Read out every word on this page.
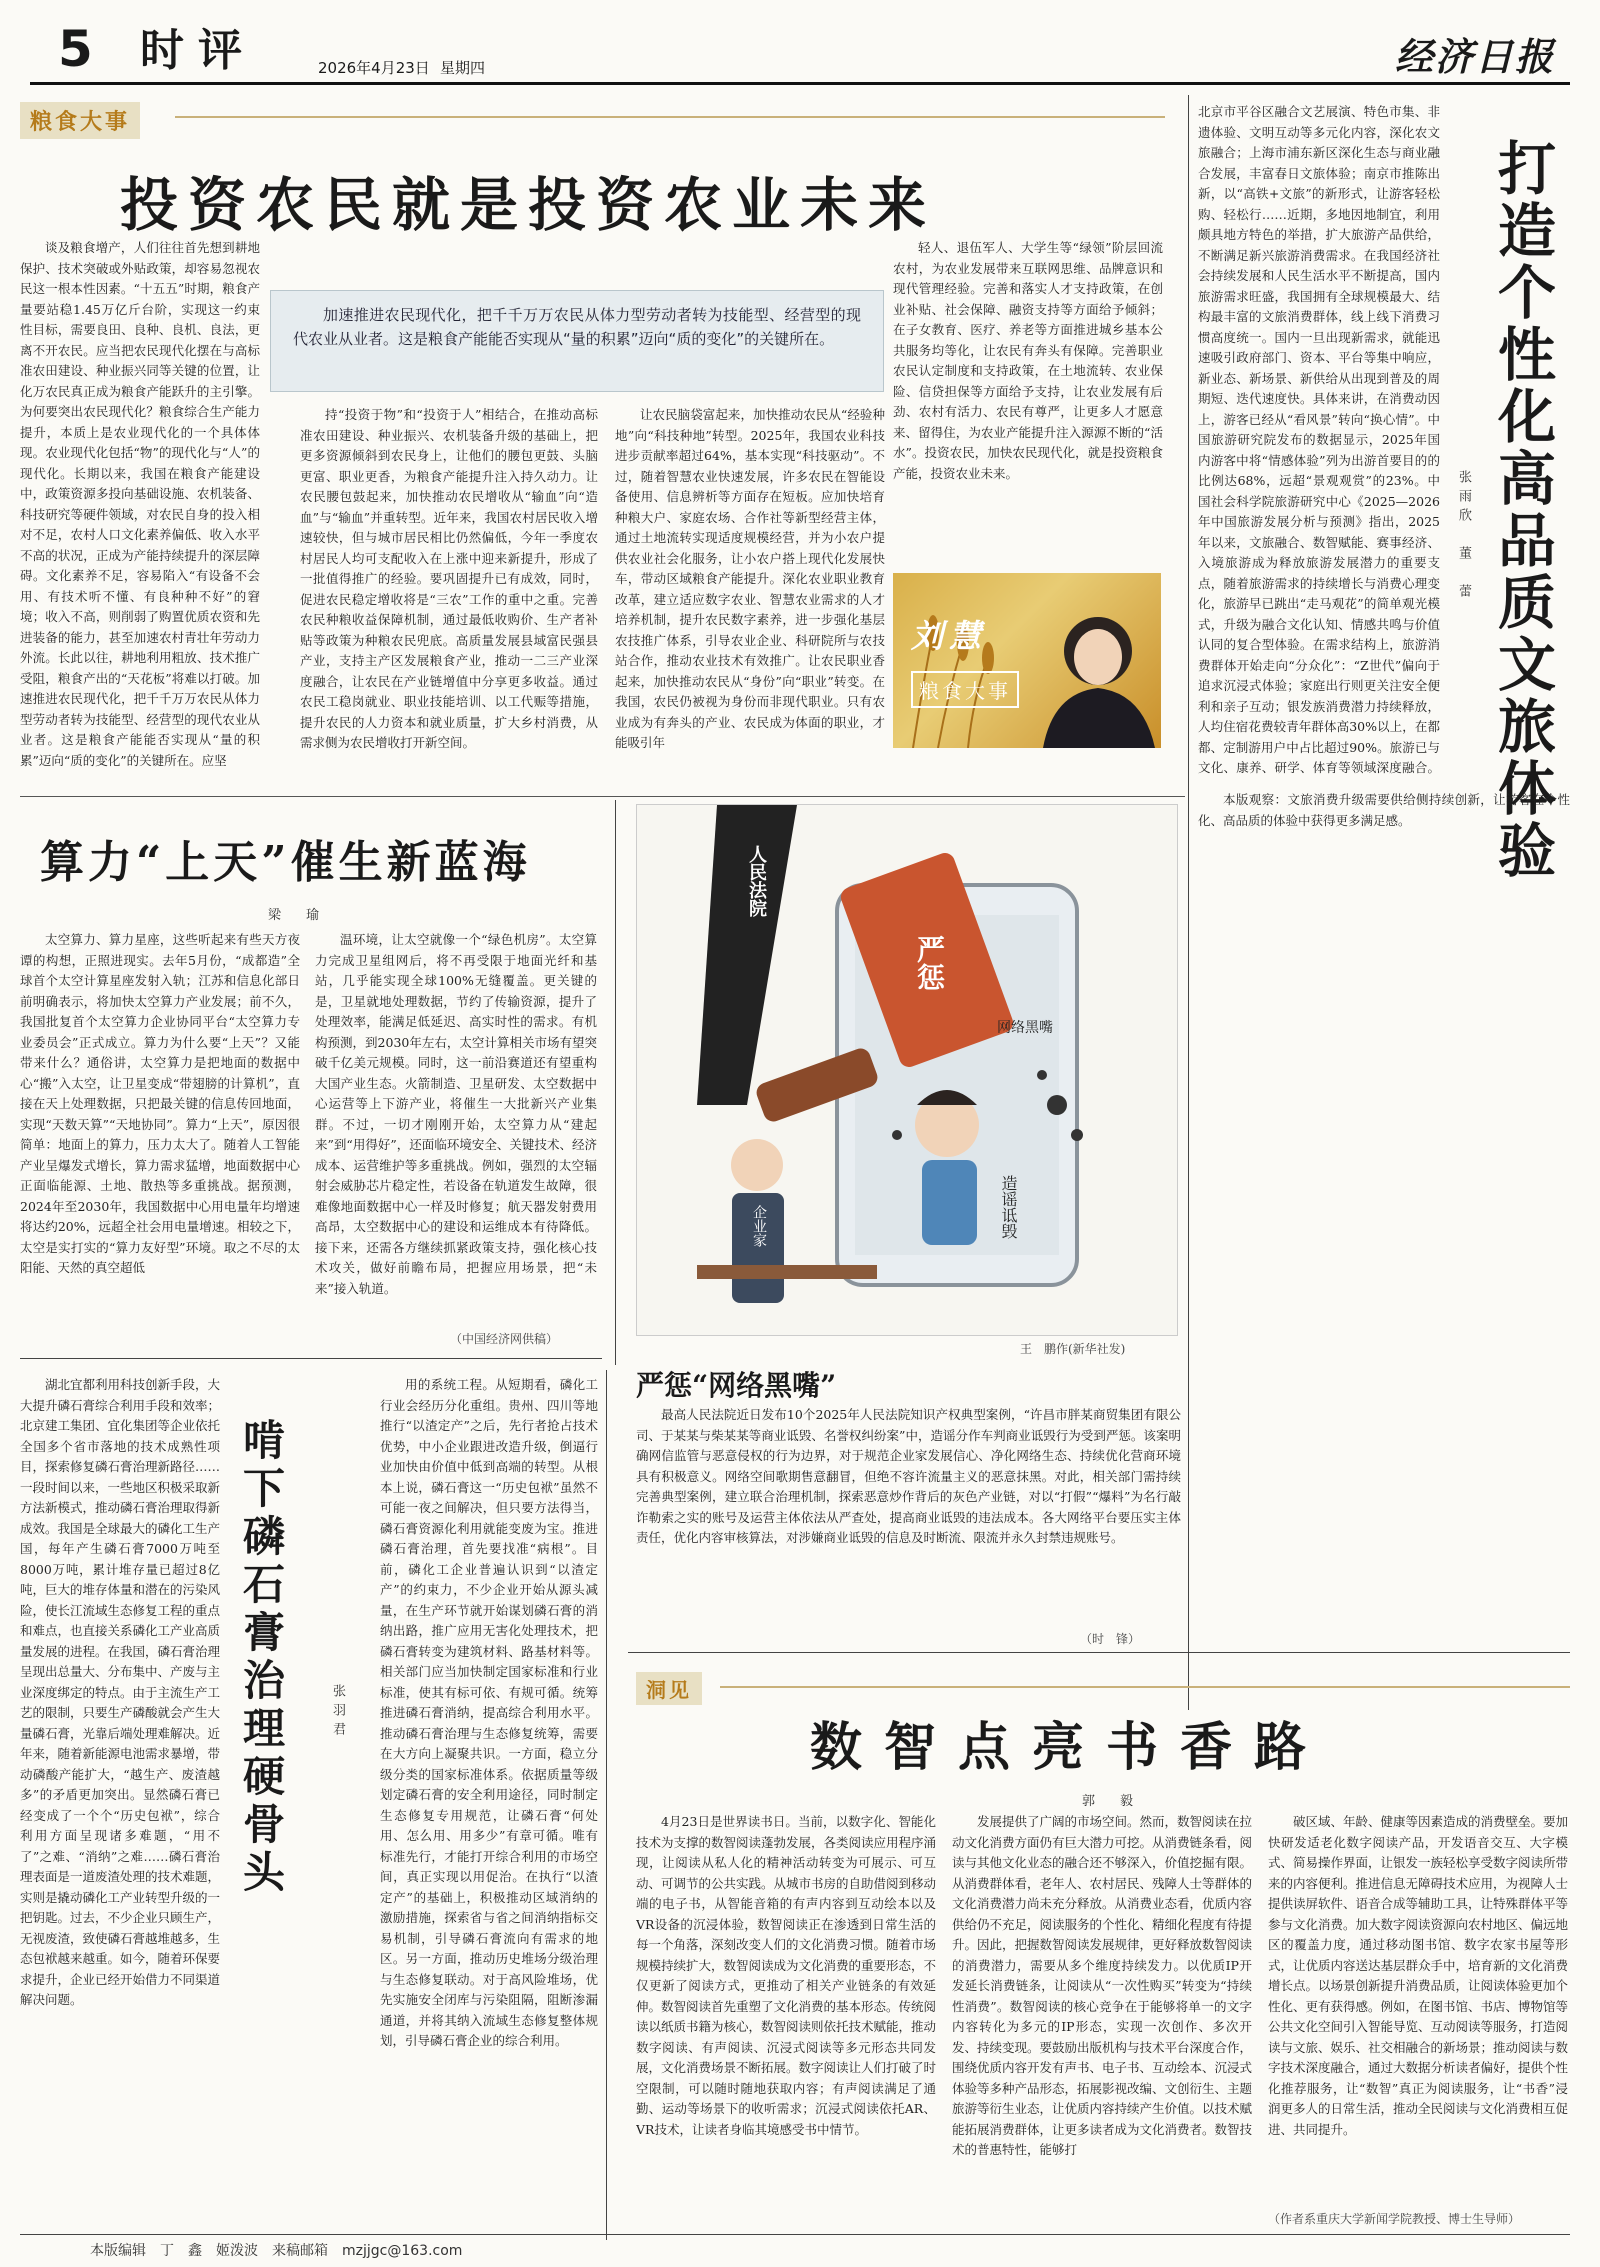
5 时评	2026年4月23日 星期四	经济日报
粮食大事
投资农民就是投资农业未来
加速推进农民现代化，把千千万万农民从体力型劳动者转为技能型、经营型的现代农业从业者。这是粮食产能能否实现从“量的积累”迈向“质的变化”的关键所在。
谈及粮食增产，人们往往首先想到耕地保护、技术突破或外贴政策，却容易忽视农民这一根本性因素。“十五五”时期，粮食产量要站稳1.45万亿斤台阶，实现这一约束性目标，需要良田、良种、良机、良法，更离不开农民。应当把农民现代化摆在与高标准农田建设、种业振兴同等关键的位置，让化万农民真正成为粮食产能跃升的主引擎。为何要突出农民现代化？粮食综合生产能力提升，本质上是农业现代化的一个具体体现。农业现代化包括“物”的现代化与“人”的现代化。长期以来，我国在粮食产能建设中，政策资源多投向基础设施、农机装备、科技研究等硬件领域，对农民自身的投入相对不足，农村人口文化素养偏低、收入水平不高的状况，正成为产能持续提升的深层障碍。文化素养不足，容易陷入“有设备不会用、有技术听不懂、有良种种不好”的窘境；收入不高，则削弱了购置优质农资和先进装备的能力，甚至加速农村青壮年劳动力外流。长此以往，耕地利用粗放、技术推广受阻，粮食产出的“天花板”将难以打破。加速推进农民现代化，把千千万万农民从体力型劳动者转为技能型、经营型的现代农业从业者。这是粮食产能能否实现从“量的积累”迈向“质的变化”的关键所在。应坚
持“投资于物”和“投资于人”相结合，在推动高标准农田建设、种业振兴、农机装备升级的基础上，把更多资源倾斜到农民身上，让他们的腰包更鼓、头脑更富、职业更香，为粮食产能提升注入持久动力。让农民腰包鼓起来，加快推动农民增收从“输血”向“造血”与“输血”并重转型。近年来，我国农村居民收入增速较快，但与城市居民相比仍然偏低，今年一季度农村居民人均可支配收入在上涨中迎来新提升，形成了一批值得推广的经验。要巩固提升已有成效，同时，促进农民稳定增收将是“三农”工作的重中之重。完善农民种粮收益保障机制，通过最低收购价、生产者补贴等政策为种粮农民兜底。高质量发展县域富民强县产业，支持主产区发展粮食产业，推动一二三产业深度融合，让农民在产业链增值中分享更多收益。通过农民工稳岗就业、职业技能培训、以工代赈等措施，提升农民的人力资本和就业质量，扩大乡村消费，从需求侧为农民增收打开新空间。
让农民脑袋富起来，加快推动农民从“经验种地”向“科技种地”转型。2025年，我国农业科技进步贡献率超过64%，基本实现“科技驱动”。不过，随着智慧农业快速发展，许多农民在智能设备使用、信息辨析等方面存在短板。应加快培育种粮大户、家庭农场、合作社等新型经营主体，通过土地流转实现适度规模经营，并为小农户提供农业社会化服务，让小农户搭上现代化发展快车，带动区域粮食产能提升。深化农业职业教育改革，建立适应数字农业、智慧农业需求的人才培养机制，提升农民数字素养，进一步强化基层农技推广体系，引导农业企业、科研院所与农技站合作，推动农业技术有效推广。让农民职业香起来，加快推动农民从“身份”向“职业”转变。在我国，农民仍被视为身份而非现代职业。只有农业成为有奔头的产业、农民成为体面的职业，才能吸引年
轻人、退伍军人、大学生等“绿领”阶层回流农村，为农业发展带来互联网思维、品牌意识和现代管理经验。完善和落实人才支持政策，在创业补贴、社会保障、融资支持等方面给予倾斜；在子女教育、医疗、养老等方面推进城乡基本公共服务均等化，让农民有奔头有保障。完善职业农民认定制度和支持政策，在土地流转、农业保险、信贷担保等方面给予支持，让农业发展有后劲、农村有活力、农民有尊严，让更多人才愿意来、留得住，为农业产能提升注入源源不断的“活水”。投资农民，加快农民现代化，就是投资粮食产能，投资农业未来。
刘慧
粮食大事
北京市平谷区融合文艺展演、特色市集、非遗体验、文明互动等多元化内容，深化农文旅融合；上海市浦东新区深化生态与商业融合发展，丰富春日文旅体验；南京市推陈出新，以“高铁+文旅”的新形式，让游客轻松购、轻松行……近期，多地因地制宜，利用颇具地方特色的举措，扩大旅游产品供给，不断满足新兴旅游消费需求。在我国经济社会持续发展和人民生活水平不断提高，国内旅游需求旺盛，我国拥有全球规模最大、结构最丰富的文旅消费群体，线上线下消费习惯高度统一。国内一旦出现新需求，就能迅速吸引政府部门、资本、平台等集中响应，新业态、新场景、新供给从出现到普及的周期短、迭代速度快。具体来讲，在消费动因上，游客已经从“看风景”转向“换心情”。中国旅游研究院发布的数据显示，2025年国内游客中将“情感体验”列为出游首要目的的比例达68%，远超“景观观赏”的23%。中国社会科学院旅游研究中心《2025—2026年中国旅游发展分析与预测》指出，2025年以来，文旅融合、数智赋能、赛事经济、入境旅游成为释放旅游发展潜力的重要支点，随着旅游需求的持续增长与消费心理变化，旅游早已跳出“走马观花”的简单观光模式，升级为融合文化认知、情感共鸣与价值认同的复合型体验。在需求结构上，旅游消费群体开始走向“分众化”：“Z世代”偏向于追求沉浸式体验；家庭出行则更关注安全便利和亲子互动；银发族消费潜力持续释放，人均住宿花费较青年群体高30%以上，在都都、定制游用户中占比超过90%。旅游已与文化、康养、研学、体育等领域深度融合。 打造个性化高品质文旅体验
张雨欣　董　蕾
本版观察：文旅消费升级需要供给侧持续创新，让游客在个性化、高品质的体验中获得更多满足感。
算力“上天”催生新蓝海
梁　瑜
太空算力、算力星座，这些听起来有些天方夜谭的构想，正照进现实。去年5月份，“成都造”全球首个太空计算星座发射入轨；江苏和信息化部日前明确表示，将加快太空算力产业发展；前不久，我国批复首个太空算力企业协同平台“太空算力专业委员会”正式成立。算力为什么要“上天”？又能带来什么？通俗讲，太空算力是把地面的数据中心“搬”入太空，让卫星变成“带翅膀的计算机”，直接在天上处理数据，只把最关键的信息传回地面，实现“天数天算”“天地协同”。算力“上天”，原因很简单：地面上的算力，压力太大了。随着人工智能产业呈爆发式增长，算力需求猛增，地面数据中心正面临能源、土地、散热等多重挑战。据预测，2024年至2030年，我国数据中心用电量年均增速将达约20%，远超全社会用电量增速。相较之下，太空是实打实的“算力友好型”环境。取之不尽的太阳能、天然的真空超低
温环境，让太空就像一个“绿色机房”。太空算力完成卫星组网后，将不再受限于地面光纤和基站，几乎能实现全球100%无缝覆盖。更关键的是，卫星就地处理数据，节约了传输资源，提升了处理效率，能满足低延迟、高实时性的需求。有机构预测，到2030年左右，太空计算相关市场有望突破千亿美元规模。同时，这一前沿赛道还有望重构大国产业生态。火箭制造、卫星研发、太空数据中心运营等上下游产业，将催生一大批新兴产业集群。不过，一切才刚刚开始，太空算力从“建起来”到“用得好”，还面临环境安全、关键技术、经济成本、运营维护等多重挑战。例如，强烈的太空辐射会威胁芯片稳定性，若设备在轨道发生故障，很难像地面数据中心一样及时修复；航天器发射费用高昂，太空数据中心的建设和运维成本有待降低。接下来，还需各方继续抓紧政策支持，强化核心技术攻关，做好前瞻布局，把握应用场景，把“未来”接入轨道。
（中国经济网供稿）
人民法院
严惩
网络黑嘴
企业家	造谣诋毁
王　鹏作(新华社发)
严惩“网络黑嘴”
最高人民法院近日发布10个2025年人民法院知识产权典型案例，“许昌市胖某商贸集团有限公司、于某某与柴某某等商业诋毁、名誉权纠纷案”中，造谣分作车判商业诋毁行为受到严惩。该案明确网信监管与恶意侵权的行为边界，对于规范企业家发展信心、净化网络生态、持续优化营商环境具有积极意义。网络空间歌期售意翻冒，但绝不容许流量主义的恶意抹黑。对此，相关部门需持续完善典型案例，建立联合治理机制，探索恶意炒作背后的灰色产业链，对以“打假”“爆料”为名行敲诈勒索之实的账号及运营主体依法从严查处，提高商业诋毁的违法成本。各大网络平台要压实主体责任，优化内容审核算法，对涉嫌商业诋毁的信息及时断流、限流并永久封禁违规账号。
（时　锋）
湖北宜都利用科技创新手段，大大提升磷石膏综合利用手段和效率；北京建工集团、宜化集团等企业依托全国多个省市落地的技术成熟性项目，探索修复磷石膏治理新路径……一段时间以来，一些地区积极采取新方法新模式，推动磷石膏治理取得新成效。我国是全球最大的磷化工生产国，每年产生磷石膏7000万吨至8000万吨，累计堆存量已超过8亿吨，巨大的堆存体量和潜在的污染风险，使长江流域生态修复工程的重点和难点，也直接关系磷化工产业高质量发展的进程。在我国，磷石膏治理呈现出总量大、分布集中、产废与主业深度绑定的特点。由于主流生产工艺的限制，只要生产磷酸就会产生大量磷石膏，光靠后端处理难解决。近年来，随着新能源电池需求暴增，带动磷酸产能扩大，“越生产、废渣越多”的矛盾更加突出。显然磷石膏已经变成了一个个“历史包袱”，综合利用方面呈现诸多难题，“用不了”之难、“消纳”之难……磷石膏治理表面是一道废渣处理的技术难题，实则是撬动磷化工产业转型升级的一把钥匙。过去，不少企业只顾生产，无视废渣，致使磷石膏越堆越多，生态包袱越来越重。如今，随着环保要求提升，企业已经开始借力不同渠道解决问题。
啃下磷石膏治理硬骨头	张羽君
用的系统工程。从短期看，磷化工行业会经历分化重组。贵州、四川等地推行“以渣定产”之后，先行者抢占技术优势，中小企业跟进改造升级，倒逼行业加快由价值中低到高端的转型。从根本上说，磷石膏这一“历史包袱”虽然不可能一夜之间解决，但只要方法得当，磷石膏资源化利用就能变废为宝。推进磷石膏治理，首先要找准“病根”。目前，磷化工企业普遍认识到“以渣定产”的约束力，不少企业开始从源头减量，在生产环节就开始谋划磷石膏的消纳出路，推广应用无害化处理技术，把磷石膏转变为建筑材料、路基材料等。相关部门应当加快制定国家标准和行业标准，使其有标可依、有规可循。统筹推进磷石膏消纳，提高综合利用水平。推动磷石膏治理与生态修复统筹，需要在大方向上凝聚共识。一方面，稳立分级分类的国家标准体系。依据质量等级划定磷石膏的安全利用途径，同时制定生态修复专用规范，让磷石膏“何处用、怎么用、用多少”有章可循。唯有标准先行，才能打开综合利用的市场空间，真正实现以用促治。在执行“以渣定产”的基础上，积极推动区域消纳的激励措施，探索省与省之间消纳指标交易机制，引导磷石膏流向有需求的地区。另一方面，推动历史堆场分级治理与生态修复联动。对于高风险堆场，优先实施安全闭库与污染阻隔，阻断渗漏通道，并将其纳入流域生态修复整体规划，引导磷石膏企业的综合利用。
洞见
数智点亮书香路
郭　毅
4月23日是世界读书日。当前，以数字化、智能化技术为支撑的数智阅读蓬勃发展，各类阅读应用程序涌现，让阅读从私人化的精神活动转变为可展示、可互动、可调节的公共实践。从城市书房的自助借阅到移动端的电子书，从智能音箱的有声内容到互动绘本以及VR设备的沉浸体验，数智阅读正在渗透到日常生活的每一个角落，深刻改变人们的文化消费习惯。随着市场规模持续扩大，数智阅读成为文化消费的重要形态，不仅更新了阅读方式，更推动了相关产业链条的有效延伸。数智阅读首先重塑了文化消费的基本形态。传统阅读以纸质书籍为核心，数智阅读则依托技术赋能，推动数字阅读、有声阅读、沉浸式阅读等多元形态共同发展，文化消费场景不断拓展。数字阅读让人们打破了时空限制，可以随时随地获取内容；有声阅读满足了通勤、运动等场景下的收听需求；沉浸式阅读依托AR、VR技术，让读者身临其境感受书中情节。
发展提供了广阔的市场空间。然而，数智阅读在拉动文化消费方面仍有巨大潜力可挖。从消费链条看，阅读与其他文化业态的融合还不够深入，价值挖掘有限。从消费群体看，老年人、农村居民、残障人士等群体的文化消费潜力尚未充分释放。从消费业态看，优质内容供给仍不充足，阅读服务的个性化、精细化程度有待提升。因此，把握数智阅读发展规律，更好释放数智阅读的消费潜力，需要从多个维度持续发力。以优质IP开发延长消费链条，让阅读从“一次性购买”转变为“持续性消费”。数智阅读的核心竞争在于能够将单一的文字内容转化为多元的IP形态，实现一次创作、多次开发、持续变现。要鼓励出版机构与技术平台深度合作，围绕优质内容开发有声书、电子书、互动绘本、沉浸式体验等多种产品形态，拓展影视改编、文创衍生、主题旅游等衍生业态，让优质内容持续产生价值。以技术赋能拓展消费群体，让更多读者成为文化消费者。数智技术的普惠特性，能够打
破区域、年龄、健康等因素造成的消费壁垒。要加快研发适老化数字阅读产品，开发语音交互、大字模式、简易操作界面，让银发一族轻松享受数字阅读所带来的内容便利。推进信息无障碍技术应用，为视障人士提供读屏软件、语音合成等辅助工具，让特殊群体平等参与文化消费。加大数字阅读资源向农村地区、偏远地区的覆盖力度，通过移动图书馆、数字农家书屋等形式，让优质内容送达基层群众手中，培育新的文化消费增长点。以场景创新提升消费品质，让阅读体验更加个性化、更有获得感。例如，在图书馆、书店、博物馆等公共文化空间引入智能导览、互动阅读等服务，打造阅读与文旅、娱乐、社交相融合的新场景；推动阅读与数字技术深度融合，通过大数据分析读者偏好，提供个性化推荐服务，让“数智”真正为阅读服务，让“书香”浸润更多人的日常生活，推动全民阅读与文化消费相互促进、共同提升。
（作者系重庆大学新闻学院教授、博士生导师）
本版编辑　丁　鑫　姬泼波　来稿邮箱　mzjjgc@163.com
